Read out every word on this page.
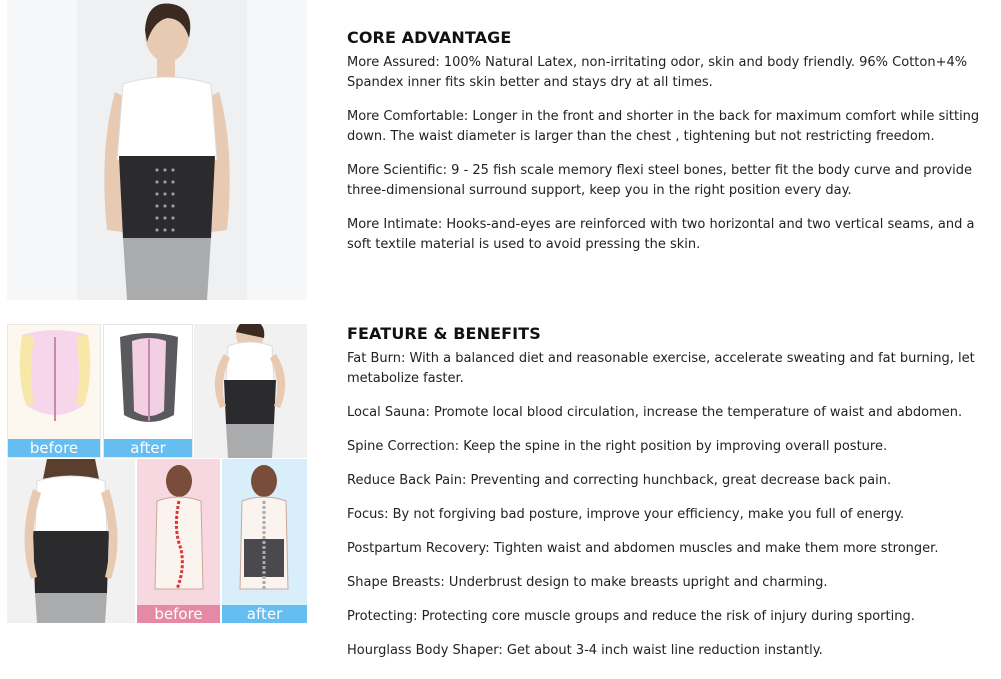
CORE ADVANTAGE

More Assured: 100% Natural Latex, non-irritating odor, skin and body friendly. 96% Cotton+4% Spandex inner fits skin better and stays dry at all times.

More Comfortable: Longer in the front and shorter in the back for maximum comfort while sitting down. The waist diameter is larger than the chest , tightening but not restricting freedom.

More Scientific: 9 - 25 fish scale memory flexi steel bones, better fit the body curve and provide three-dimensional surround support, keep you in the right position every day.

More Intimate: Hooks-and-eyes are reinforced with two horizontal and two vertical seams, and a soft textile material is used to avoid pressing the skin.

before	after
before	after
FEATURE & BENEFITS

Fat Burn: With a balanced diet and reasonable exercise, accelerate sweating and fat burning, let metabolize faster.

Local Sauna: Promote local blood circulation, increase the temperature of waist and abdomen.

Spine Correction: Keep the spine in the right position by improving overall posture.

Reduce Back Pain: Preventing and correcting hunchback, great decrease back pain.

Focus: By not forgiving bad posture, improve your efficiency, make you full of energy.

Postpartum Recovery: Tighten waist and abdomen muscles and make them more stronger.

Shape Breasts: Underbrust design to make breasts upright and charming.

Protecting: Protecting core muscle groups and reduce the risk of injury during sporting.

Hourglass Body Shaper: Get about 3-4 inch waist line reduction instantly.
